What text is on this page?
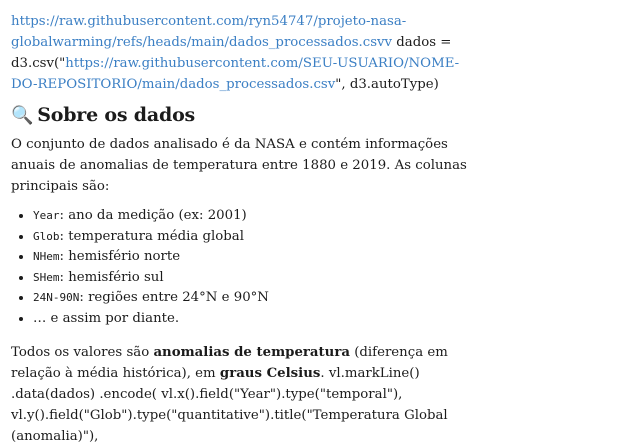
https://raw.githubusercontent.com/ryn54747/projeto-nasa-globalwarming/refs/heads/main/dados_processados.csvv dados = d3.csv("https://raw.githubusercontent.com/SEU-USUARIO/NOME-DO-REPOSITORIO/main/dados_processados.csv", d3.autoType)

🔍 Sobre os dados

O conjunto de dados analisado é da NASA e contém informações anuais de anomalias de temperatura entre 1880 e 2019. As colunas principais são:

• Year: ano da medição (ex: 2001)
• Glob: temperatura média global
• NHem: hemisfério norte
• SHem: hemisfério sul
• 24N-90N: regiões entre 24°N e 90°N
• … e assim por diante.

Todos os valores são anomalias de temperatura (diferença em relação à média histórica), em graus Celsius. vl.markLine() .data(dados) .encode( vl.x().field("Year").type("temporal"), vl.y().field("Glob").type("quantitative").title("Temperatura Global (anomalia)"),
